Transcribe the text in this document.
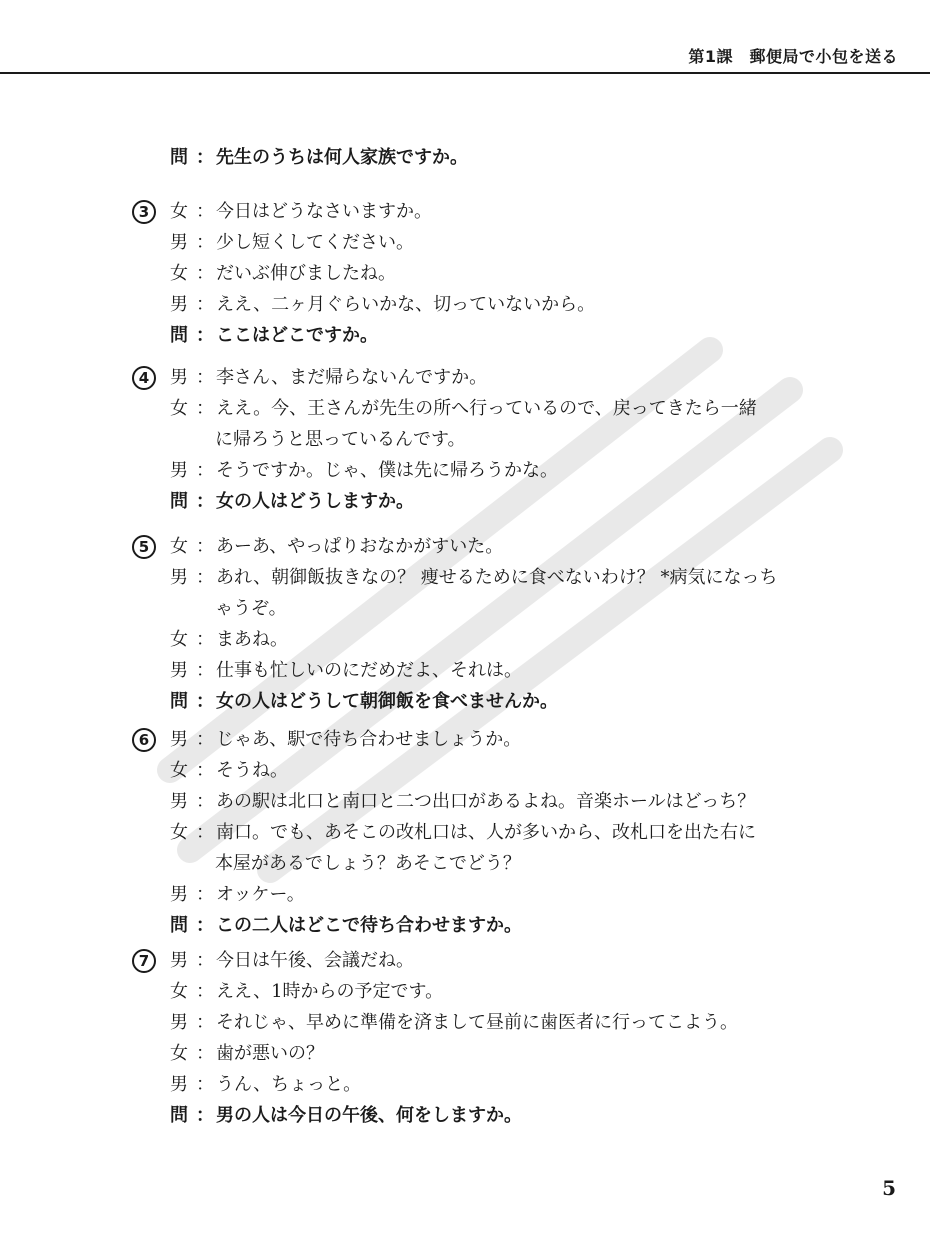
第1課　郵便局で小包を送る
問 ： 先生のうちは何人家族ですか。
3	女 ： 今日はどうなさいますか。
男 ： 少し短くしてください。
女 ： だいぶ伸びましたね。
男 ： ええ、二ヶ月ぐらいかな、切っていないから。
問 ： ここはどこですか。
4	男 ： 李さん、まだ帰らないんですか。
女 ： ええ。今、王さんが先生の所へ行っているので、戻ってきたら一緒
に帰ろうと思っているんです。
男 ： そうですか。じゃ、僕は先に帰ろうかな。
問 ： 女の人はどうしますか。
5	女 ： あーあ、やっぱりおなかがすいた。
男 ： あれ、朝御飯抜きなの？ 痩せるために食べないわけ？ *病気になっち
ゃうぞ。
女 ： まあね。
男 ： 仕事も忙しいのにだめだよ、それは。
問 ： 女の人はどうして朝御飯を食べませんか。
6	男 ： じゃあ、駅で待ち合わせましょうか。
女 ： そうね。
男 ： あの駅は北口と南口と二つ出口があるよね。音楽ホールはどっち？
女 ： 南口。でも、あそこの改札口は、人が多いから、改札口を出た右に
本屋があるでしょう？あそこでどう？
男 ： オッケー。
問 ： この二人はどこで待ち合わせますか。
7	男 ： 今日は午後、会議だね。
女 ： ええ、1時からの予定です。
男 ： それじゃ、早めに準備を済まして昼前に歯医者に行ってこよう。
女 ： 歯が悪いの？
男 ： うん、ちょっと。
問 ： 男の人は今日の午後、何をしますか。
5
